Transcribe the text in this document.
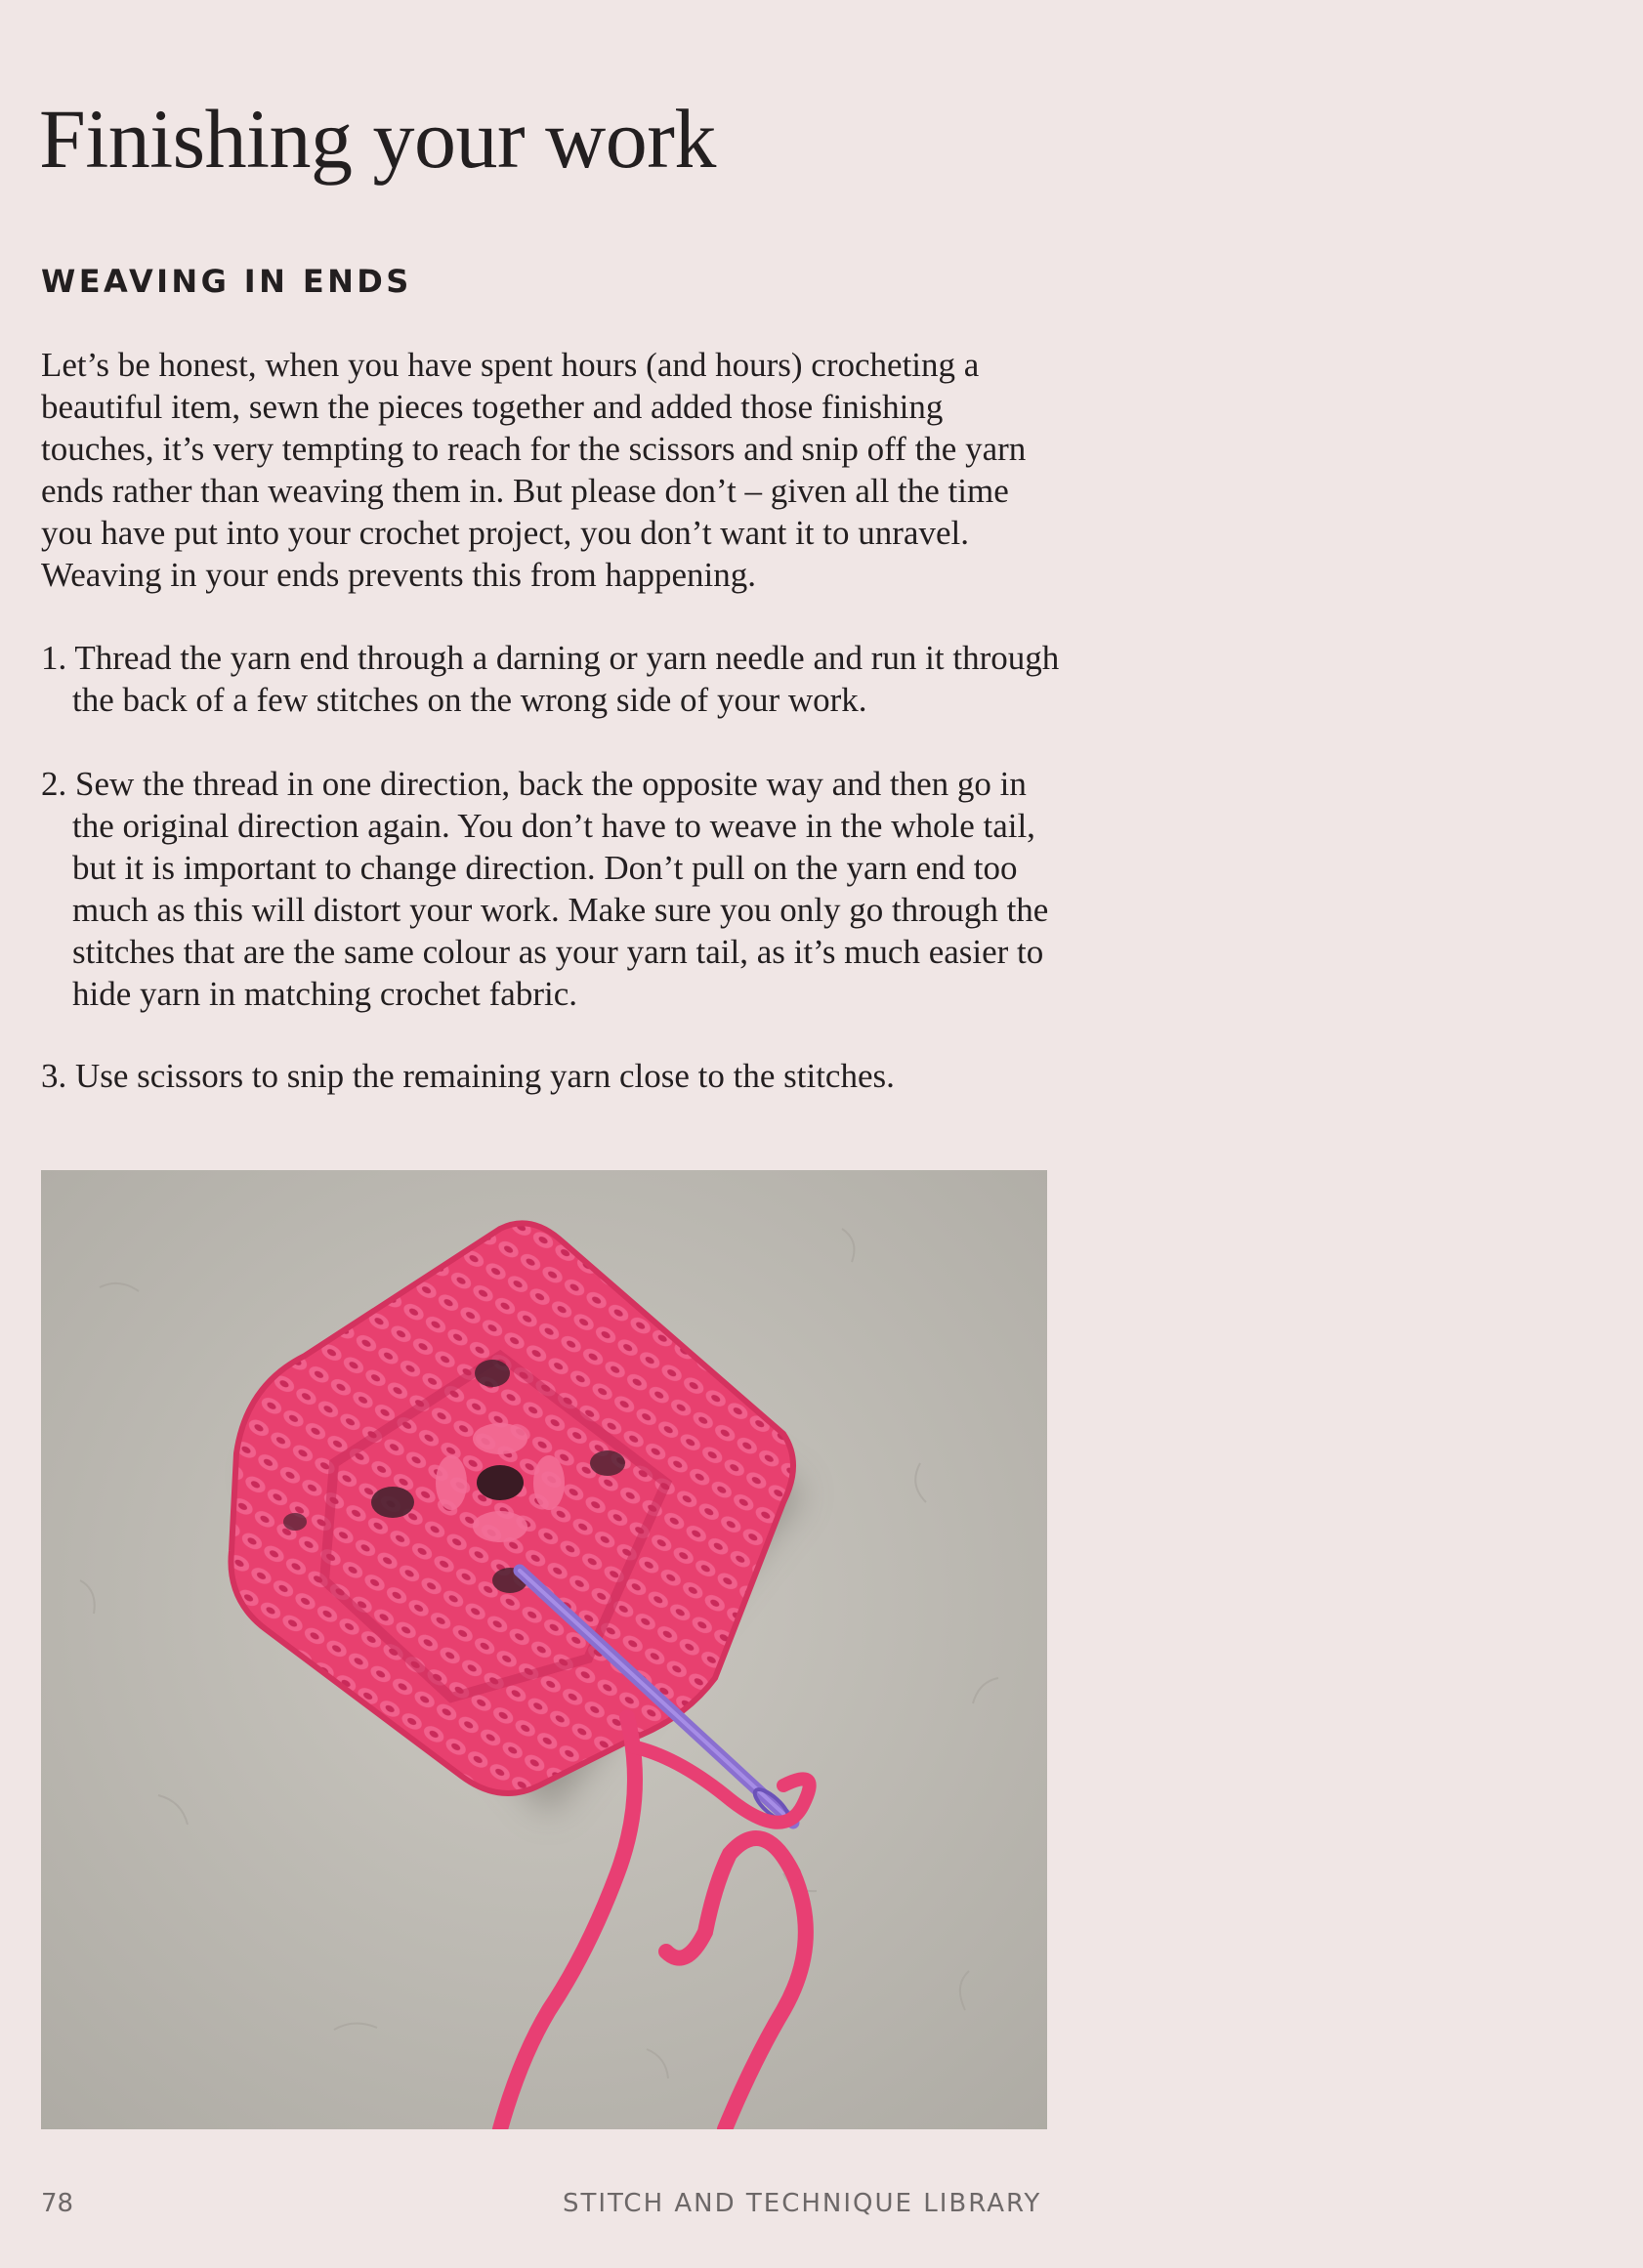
Finishing your work
WEAVING IN ENDS

Let’s be honest, when you have spent hours (and hours) crocheting a beautiful item, sewn the pieces together and added those finishing touches, it’s very tempting to reach for the scissors and snip off the yarn ends rather than weaving them in. But please don’t – given all the time you have put into your crochet project, you don’t want it to unravel. Weaving in your ends prevents this from happening.

1. Thread the yarn end through a darning or yarn needle and run it through the back of a few stitches on the wrong side of your work.

2. Sew the thread in one direction, back the opposite way and then go in the original direction again. You don’t have to weave in the whole tail, but it is important to change direction. Don’t pull on the yarn end too much as this will distort your work. Make sure you only go through the stitches that are the same colour as your yarn tail, as it’s much easier to hide yarn in matching crochet fabric.

3. Use scissors to snip the remaining yarn close to the stitches.

78	STITCH AND TECHNIQUE LIBRARY
